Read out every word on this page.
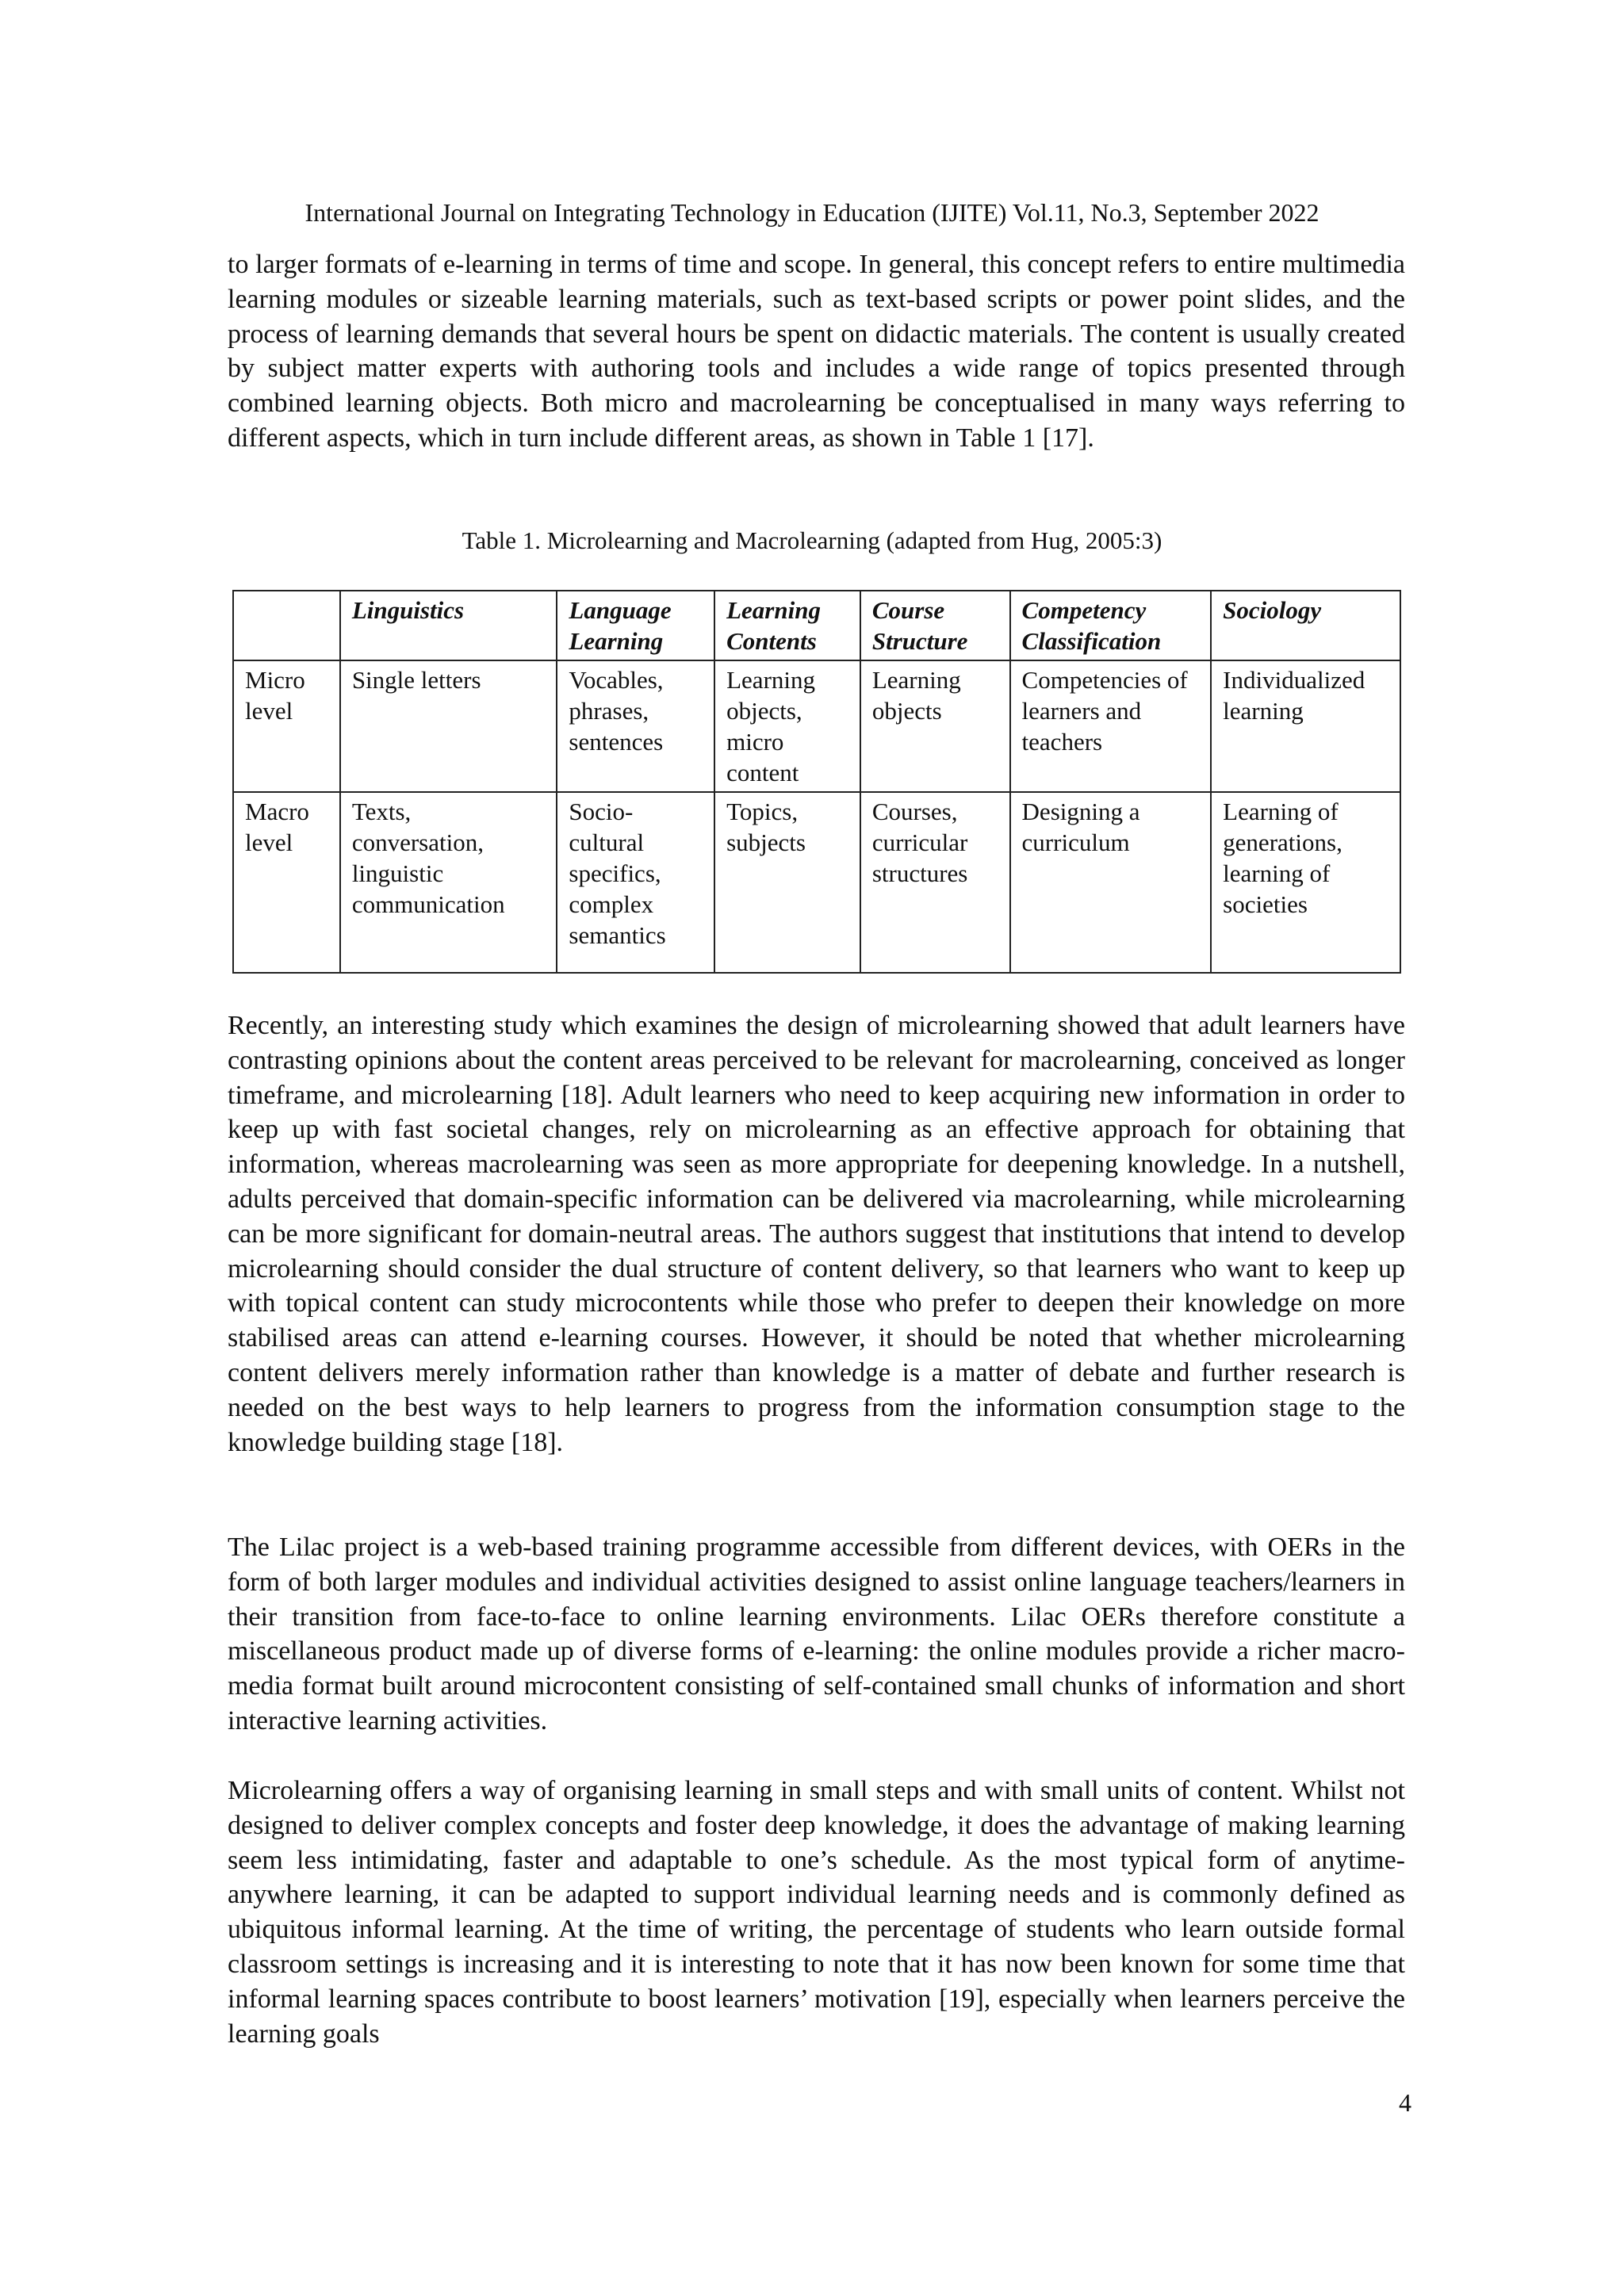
International Journal on Integrating Technology in Education (IJITE) Vol.11, No.3, September 2022

to larger formats of e-learning in terms of time and scope. In general, this concept refers to entire multimedia learning modules or sizeable learning materials, such as text-based scripts or power point slides, and the process of learning demands that several hours be spent on didactic materials. The content is usually created by subject matter experts with authoring tools and includes a wide range of topics presented through combined learning objects. Both micro and macrolearning be conceptualised in many ways referring to different aspects, which in turn include different areas, as shown in Table 1 [17].

Table 1. Microlearning and Macrolearning (adapted from Hug, 2005:3)
	Linguistics	Language Learning	Learning Contents	Course Structure	Competency Classification	Sociology
Micro level	Single letters	Vocables, phrases, sentences	Learning objects, micro content	Learning objects	Competencies of learners and teachers	Individualized learning
Macro level	Texts, conversation, linguistic communication	Socio-cultural specifics, complex semantics	Topics, subjects	Courses, curricular structures	Designing a curriculum	Learning of generations, learning of societies

Recently, an interesting study which examines the design of microlearning showed that adult learners have contrasting opinions about the content areas perceived to be relevant for macrolearning, conceived as longer timeframe, and microlearning [18]. Adult learners who need to keep acquiring new information in order to keep up with fast societal changes, rely on microlearning as an effective approach for obtaining that information, whereas macrolearning was seen as more appropriate for deepening knowledge. In a nutshell, adults perceived that domain-specific information can be delivered via macrolearning, while microlearning can be more significant for domain-neutral areas. The authors suggest that institutions that intend to develop microlearning should consider the dual structure of content delivery, so that learners who want to keep up with topical content can study microcontents while those who prefer to deepen their knowledge on more stabilised areas can attend e-learning courses. However, it should be noted that whether microlearning content delivers merely information rather than knowledge is a matter of debate and further research is needed on the best ways to help learners to progress from the information consumption stage to the knowledge building stage [18].

The Lilac project is a web-based training programme accessible from different devices, with OERs in the form of both larger modules and individual activities designed to assist online language teachers/learners in their transition from face-to-face to online learning environments. Lilac OERs therefore constitute a miscellaneous product made up of diverse forms of e-learning: the online modules provide a richer macro-media format built around microcontent consisting of self-contained small chunks of information and short interactive learning activities.

Microlearning offers a way of organising learning in small steps and with small units of content. Whilst not designed to deliver complex concepts and foster deep knowledge, it does the advantage of making learning seem less intimidating, faster and adaptable to one’s schedule. As the most typical form of anytime-anywhere learning, it can be adapted to support individual learning needs and is commonly defined as ubiquitous informal learning. At the time of writing, the percentage of students who learn outside formal classroom settings is increasing and it is interesting to note that it has now been known for some time that informal learning spaces contribute to boost learners’ motivation [19], especially when learners perceive the learning goals

4
